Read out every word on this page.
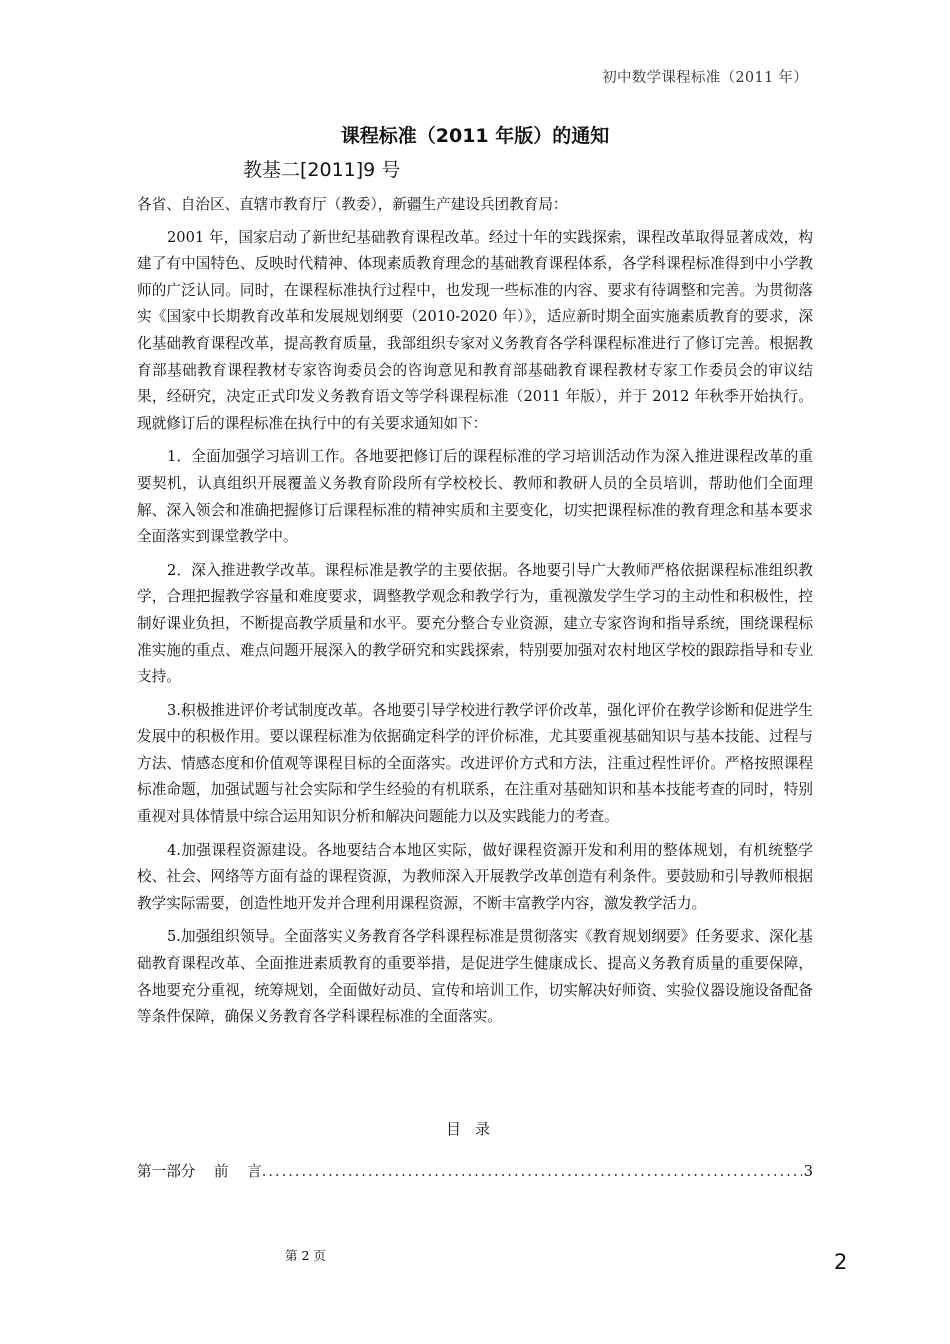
初中数学课程标准（2011 年）
课程标准（2011 年版）的通知
教基二[2011]9 号

各省、自治区、直辖市教育厅（教委），新疆生产建设兵团教育局：

2001 年，国家启动了新世纪基础教育课程改革。经过十年的实践探索，课程改革取得显著成效，构建了有中国特色、反映时代精神、体现素质教育理念的基础教育课程体系，各学科课程标准得到中小学教师的广泛认同。同时，在课程标准执行过程中，也发现一些标准的内容、要求有待调整和完善。为贯彻落实《国家中长期教育改革和发展规划纲要（2010-2020 年）》，适应新时期全面实施素质教育的要求，深化基础教育课程改革，提高教育质量，我部组织专家对义务教育各学科课程标准进行了修订完善。根据教育部基础教育课程教材专家咨询委员会的咨询意见和教育部基础教育课程教材专家工作委员会的审议结果，经研究，决定正式印发义务教育语文等学科课程标准（2011 年版），并于 2012 年秋季开始执行。现就修订后的课程标准在执行中的有关要求通知如下：

1．全面加强学习培训工作。各地要把修订后的课程标准的学习培训活动作为深入推进课程改革的重要契机，认真组织开展覆盖义务教育阶段所有学校校长、教师和教研人员的全员培训，帮助他们全面理解、深入领会和准确把握修订后课程标准的精神实质和主要变化，切实把课程标准的教育理念和基本要求全面落实到课堂教学中。

2．深入推进教学改革。课程标准是教学的主要依据。各地要引导广大教师严格依据课程标准组织教学，合理把握教学容量和难度要求，调整教学观念和教学行为，重视激发学生学习的主动性和积极性，控制好课业负担，不断提高教学质量和水平。要充分整合专业资源，建立专家咨询和指导系统，围绕课程标准实施的重点、难点问题开展深入的教学研究和实践探索，特别要加强对农村地区学校的跟踪指导和专业支持。

3.积极推进评价考试制度改革。各地要引导学校进行教学评价改革，强化评价在教学诊断和促进学生发展中的积极作用。要以课程标准为依据确定科学的评价标准，尤其要重视基础知识与基本技能、过程与方法、情感态度和价值观等课程目标的全面落实。改进评价方式和方法，注重过程性评价。严格按照课程标准命题，加强试题与社会实际和学生经验的有机联系，在注重对基础知识和基本技能考查的同时，特别重视对具体情景中综合运用知识分析和解决问题能力以及实践能力的考查。

4.加强课程资源建设。各地要结合本地区实际，做好课程资源开发和利用的整体规划，有机统整学校、社会、网络等方面有益的课程资源，为教师深入开展教学改革创造有利条件。要鼓励和引导教师根据教学实际需要，创造性地开发并合理利用课程资源，不断丰富教学内容，激发教学活力。

5.加强组织领导。全面落实义务教育各学科课程标准是贯彻落实《教育规划纲要》任务要求、深化基础教育课程改革、全面推进素质教育的重要举措，是促进学生健康成长、提高义务教育质量的重要保障，各地要充分重视，统筹规划，全面做好动员、宣传和培训工作，切实解决好师资、实验仪器设施设备配备等条件保障，确保义务教育各学科课程标准的全面落实。

目录
第一部分    前    言
.....	3
第 2 页	2
